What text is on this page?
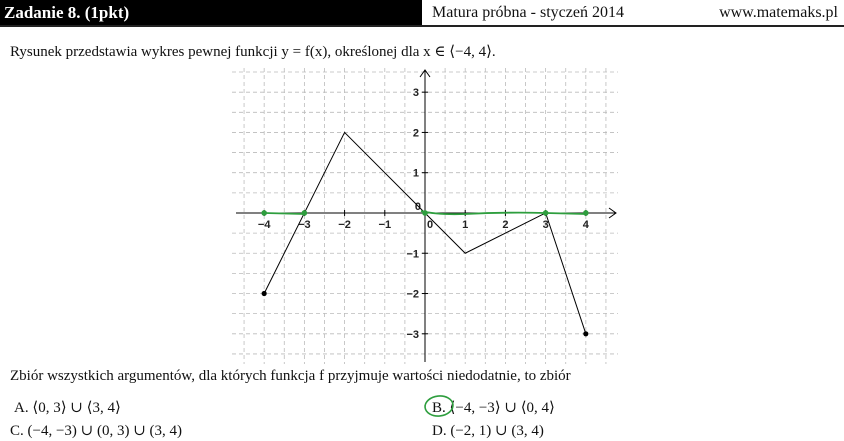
Zadanie 8. (1pkt)	Matura próbna - styczeń 2014	www.matemaks.pl
Rysunek przedstawia wykres pewnej funkcji y = f(x), określonej dla x ∈ ⟨−4, 4⟩.
−4	−3	−2	−1	0	1	2	3	4
−3
−2
−1
1
2
3
0
Zbiór wszystkich argumentów, dla których funkcja f przyjmuje wartości niedodatnie, to zbiór
A. ⟨0, 3⟩ ∪ ⟨3, 4⟩	B. ⟨−4, −3⟩ ∪ ⟨0, 4⟩
C. (−4, −3) ∪ (0, 3) ∪ (3, 4)	D. (−2, 1) ∪ (3, 4)
